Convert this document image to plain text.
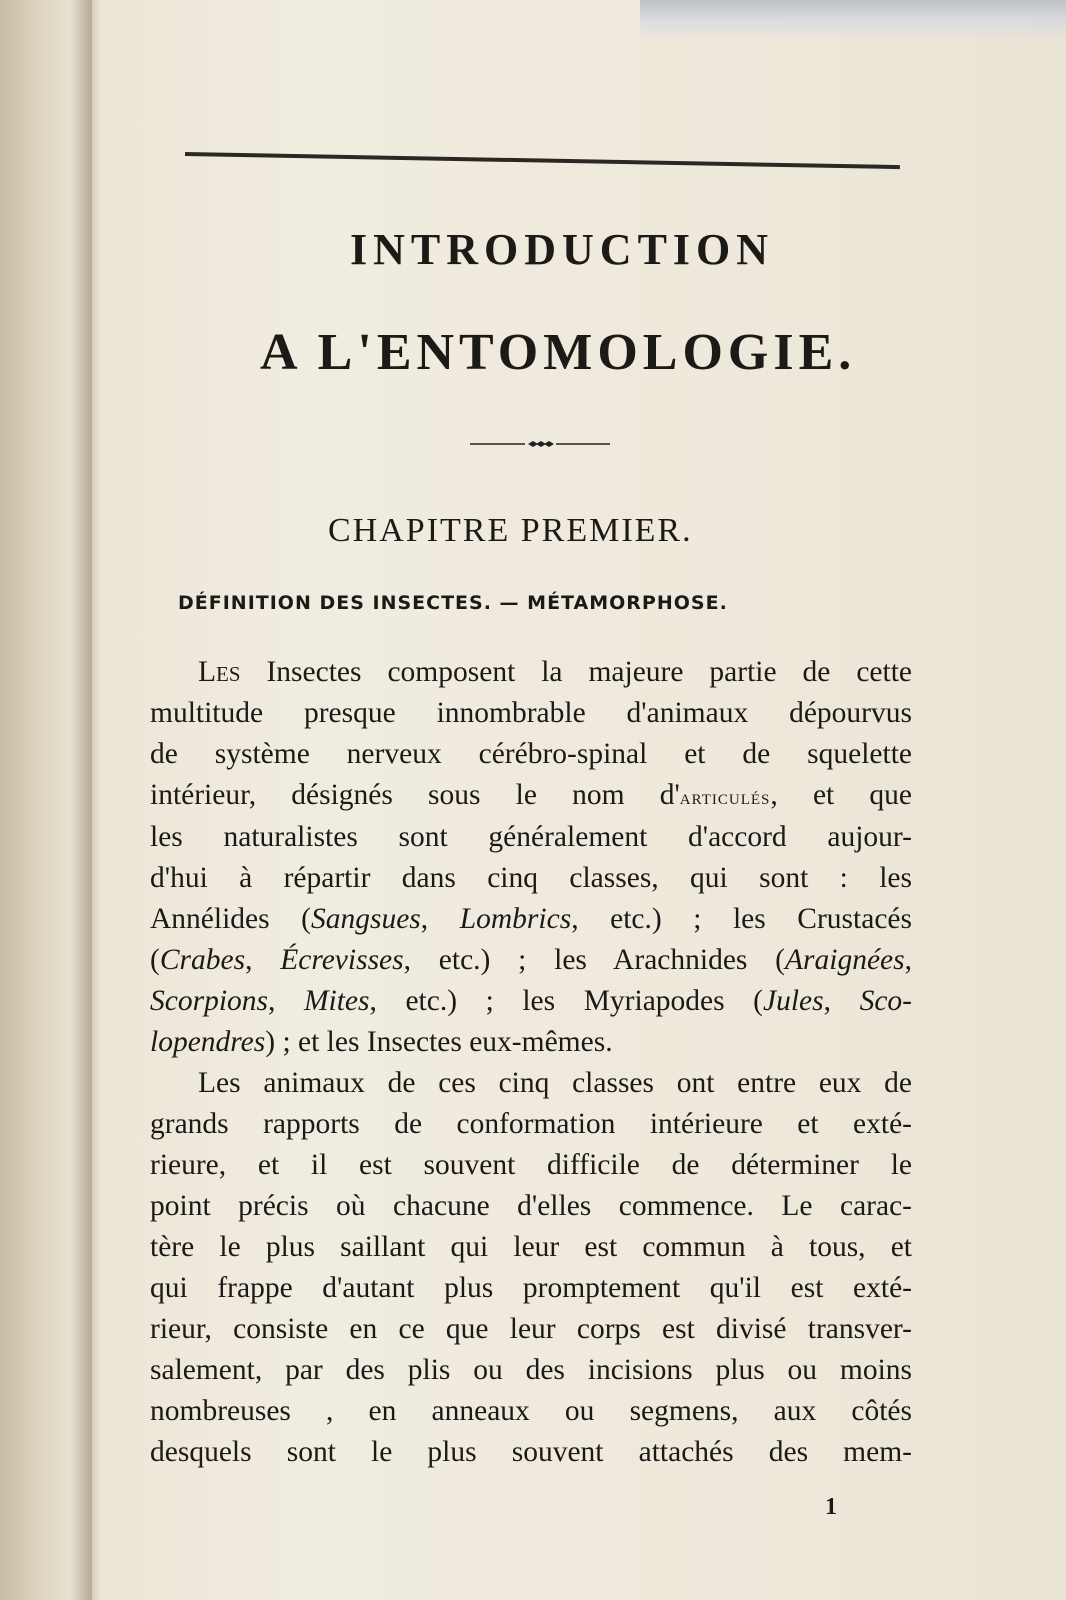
INTRODUCTION
A L'ENTOMOLOGIE.
CHAPITRE PREMIER.
DÉFINITION DES INSECTES. — MÉTAMORPHOSE.
Les Insectes composent la majeure partie de cette
multitude presque innombrable d'animaux dépourvus
de système nerveux cérébro-spinal et de squelette
intérieur, désignés sous le nom d'articulés, et que
les naturalistes sont généralement d'accord aujour-
d'hui à répartir dans cinq classes, qui sont : les
Annélides (Sangsues, Lombrics, etc.) ; les Crustacés
(Crabes, Écrevisses, etc.) ; les Arachnides (Araignées,
Scorpions, Mites, etc.) ; les Myriapodes (Jules, Sco-
lopendres) ; et les Insectes eux-mêmes.
Les animaux de ces cinq classes ont entre eux de
grands rapports de conformation intérieure et exté-
rieure, et il est souvent difficile de déterminer le
point précis où chacune d'elles commence. Le carac-
tère le plus saillant qui leur est commun à tous, et
qui frappe d'autant plus promptement qu'il est exté-
rieur, consiste en ce que leur corps est divisé transver-
salement, par des plis ou des incisions plus ou moins
nombreuses , en anneaux ou segmens, aux côtés
desquels sont le plus souvent attachés des mem-
1
